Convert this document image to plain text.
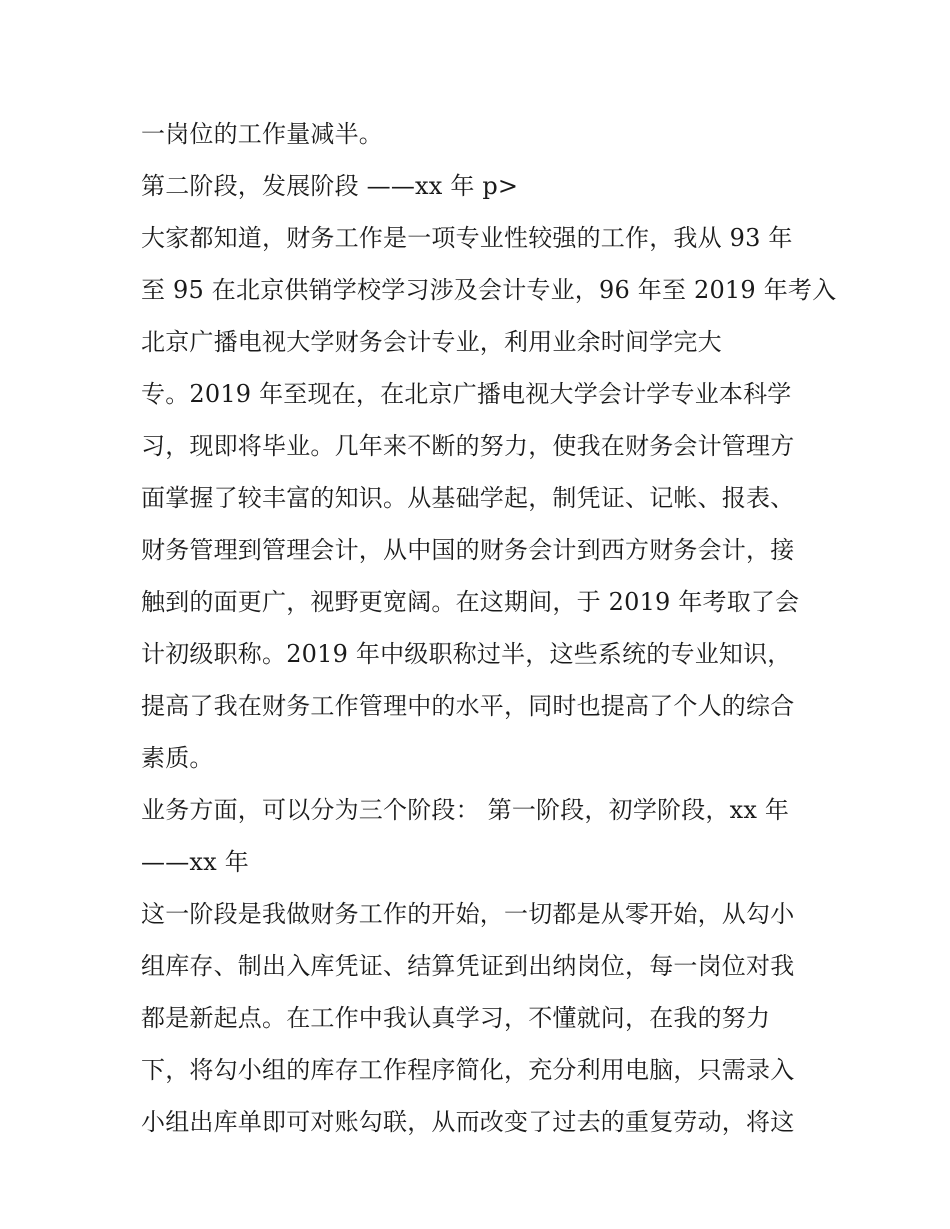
一岗位的工作量减半。
第二阶段，发展阶段 ——xx 年 p>
大家都知道，财务工作是一项专业性较强的工作，我从 93 年
至 95 在北京供销学校学习涉及会计专业，96 年至 2019 年考入
北京广播电视大学财务会计专业，利用业余时间学完大
专。2019 年至现在，在北京广播电视大学会计学专业本科学
习，现即将毕业。几年来不断的努力，使我在财务会计管理方
面掌握了较丰富的知识。从基础学起，制凭证、记帐、报表、
财务管理到管理会计，从中国的财务会计到西方财务会计，接
触到的面更广，视野更宽阔。在这期间，于 2019 年考取了会
计初级职称。2019 年中级职称过半，这些系统的专业知识，
提高了我在财务工作管理中的水平，同时也提高了个人的综合
素质。
业务方面，可以分为三个阶段： 第一阶段，初学阶段，xx 年
——xx 年
这一阶段是我做财务工作的开始，一切都是从零开始，从勾小
组库存、制出入库凭证、结算凭证到出纳岗位，每一岗位对我
都是新起点。在工作中我认真学习，不懂就问，在我的努力
下，将勾小组的库存工作程序简化，充分利用电脑，只需录入
小组出库单即可对账勾联，从而改变了过去的重复劳动，将这
